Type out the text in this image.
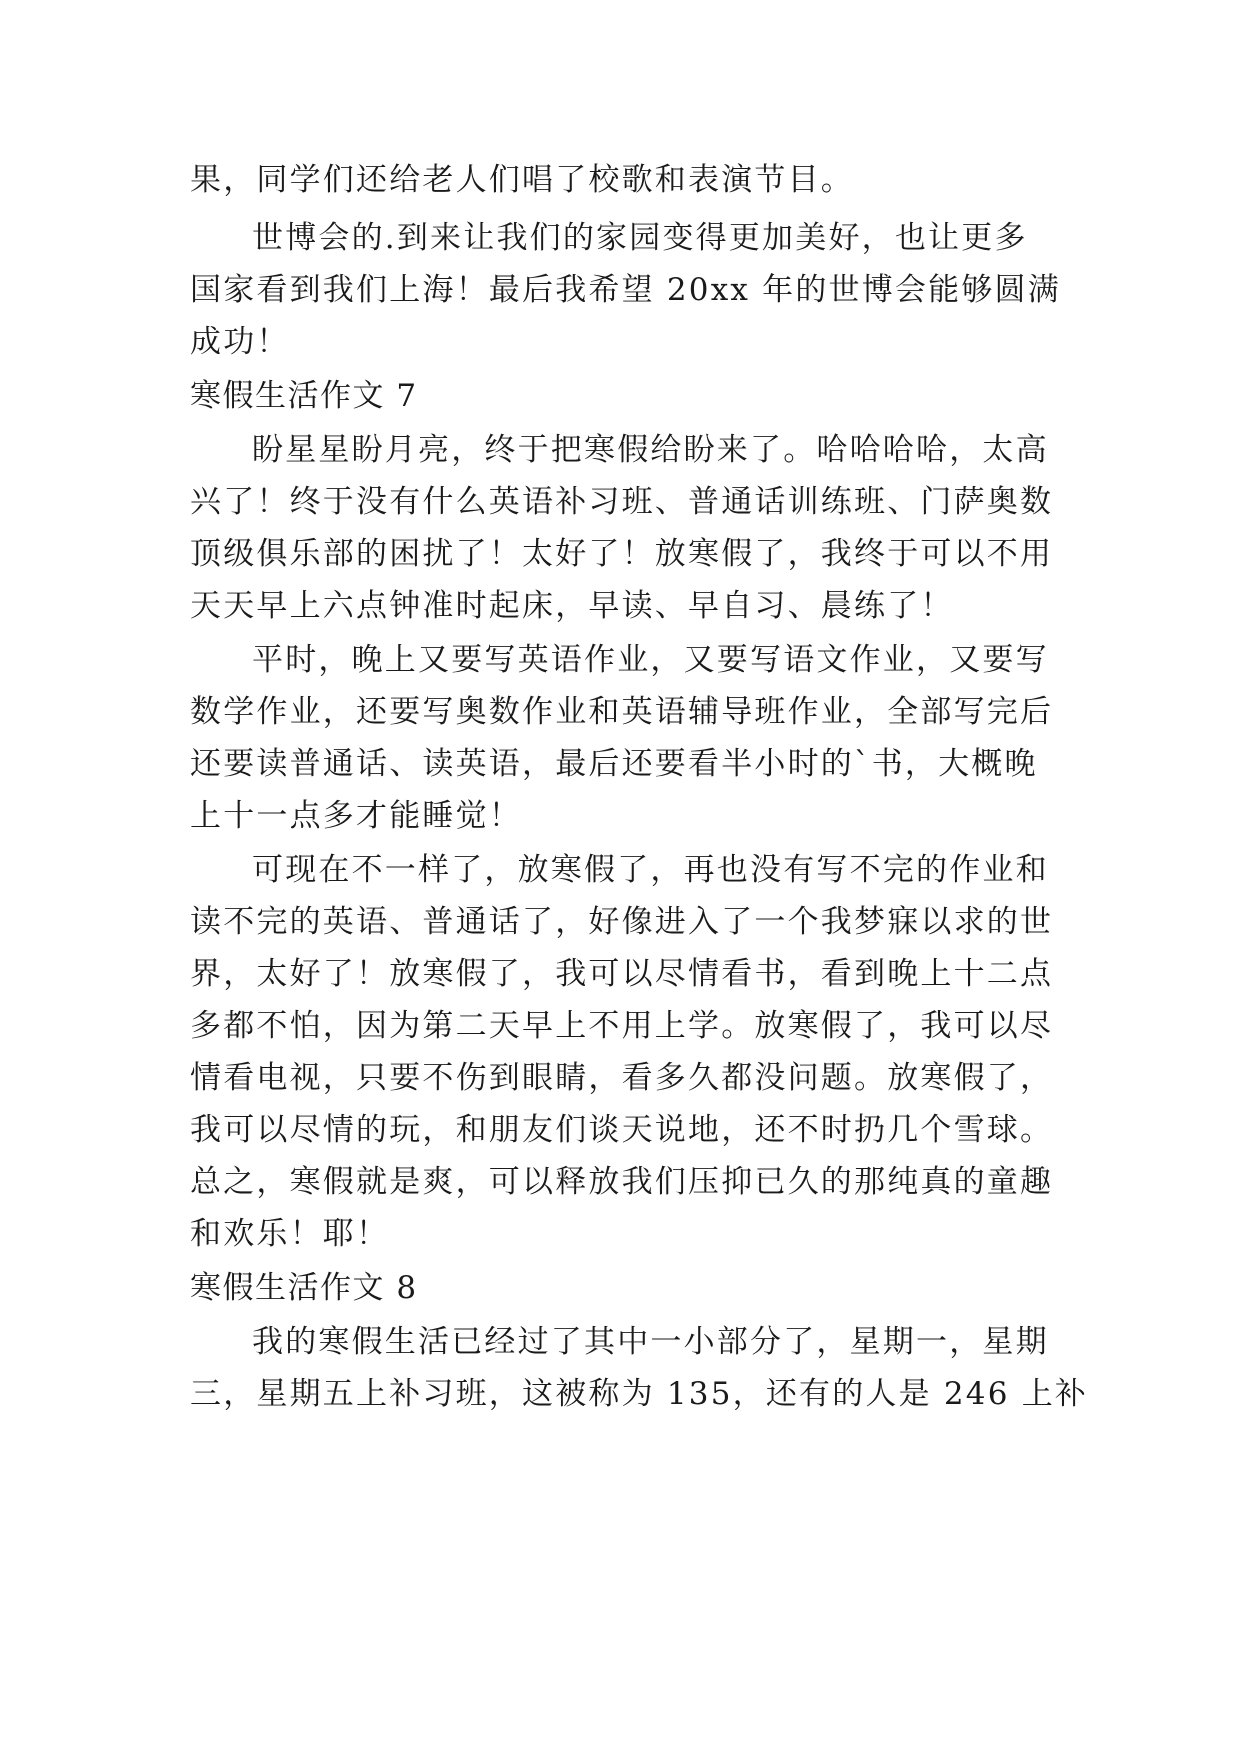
果，同学们还给老人们唱了校歌和表演节目。
世博会的.到来让我们的家园变得更加美好，也让更多
国家看到我们上海！最后我希望 20xx 年的世博会能够圆满
成功！
寒假生活作文 7
盼星星盼月亮，终于把寒假给盼来了。哈哈哈哈，太高
兴了！终于没有什么英语补习班、普通话训练班、门萨奥数
顶级俱乐部的困扰了！太好了！放寒假了，我终于可以不用
天天早上六点钟准时起床，早读、早自习、晨练了！
平时，晚上又要写英语作业，又要写语文作业，又要写
数学作业，还要写奥数作业和英语辅导班作业，全部写完后
还要读普通话、读英语，最后还要看半小时的`书，大概晚
上十一点多才能睡觉！
可现在不一样了，放寒假了，再也没有写不完的作业和
读不完的英语、普通话了，好像进入了一个我梦寐以求的世
界，太好了！放寒假了，我可以尽情看书，看到晚上十二点
多都不怕，因为第二天早上不用上学。放寒假了，我可以尽
情看电视，只要不伤到眼睛，看多久都没问题。放寒假了，
我可以尽情的玩，和朋友们谈天说地，还不时扔几个雪球。
总之，寒假就是爽，可以释放我们压抑已久的那纯真的童趣
和欢乐！耶！
寒假生活作文 8
我的寒假生活已经过了其中一小部分了，星期一，星期
三，星期五上补习班，这被称为 135，还有的人是 246 上补
